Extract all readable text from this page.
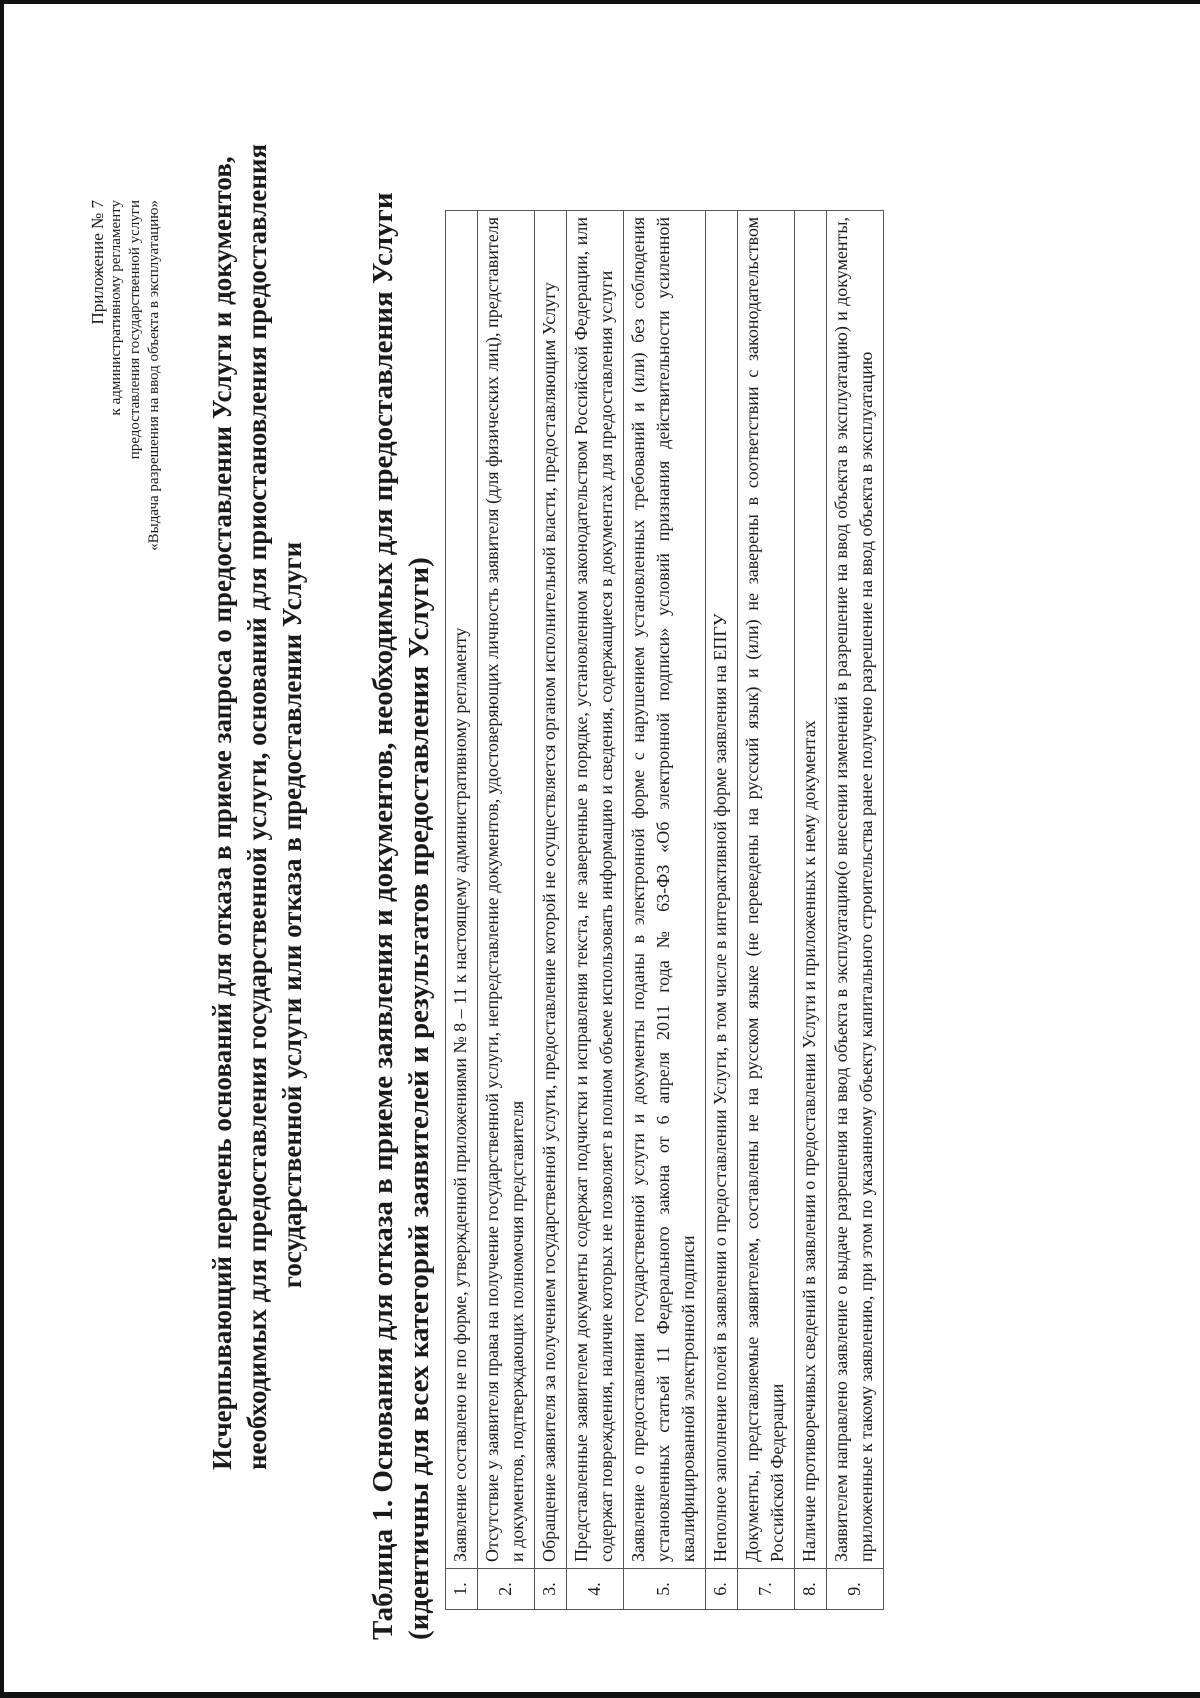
Приложение № 7 к административному регламенту предоставления государственной услуги «Выдача разрешения на ввод объекта в эксплуатацию» Исчерпывающий перечень оснований для отказа в приеме запроса о предоставлении Услуги и документов, необходимых для предоставления государственной услуги, оснований для приостановления предоставления государственной услуги или отказа в предоставлении Услуги Таблица 1. Основания для отказа в приеме заявления и документов, необходимых для предоставления Услуги (идентичны для всех категорий заявителей и результатов предоставления Услуги) 1.	Заявление составлено не по форме, утвержденной приложениями № 8 – 11 к настоящему административному регламенту
2.	Отсутствие у заявителя права на получение государственной услуги, непредставление документов, удостоверяющих личность заявителя (для физических лиц), представителя и документов, подтверждающих полномочия представителя
3.	Обращение заявителя за получением государственной услуги, предоставление которой не осуществляется органом исполнительной власти, предоставляющим Услугу
4.	Представленные заявителем документы содержат подчистки и исправления текста, не заверенные в порядке, установленном законодательством Российской Федерации, или содержат повреждения, наличие которых не позволяет в полном объеме использовать информацию и сведения, содержащиеся в документах для предоставления услуги
5.	Заявление о предоставлении государственной услуги и документы поданы в электронной форме с нарушением установленных требований и (или) без соблюдения установленных статьей 11 Федерального закона от 6 апреля 2011 года № 63-ФЗ «Об электронной подписи» условий признания действительности усиленной квалифицированной электронной подписи
6.	Неполное заполнение полей в заявлении о предоставлении Услуги, в том числе в интерактивной форме заявления на ЕПГУ
7.	Документы, представляемые заявителем, составлены не на русском языке (не переведены на русский язык) и (или) не заверены в соответствии с законодательством Российской Федерации
8.	Наличие противоречивых сведений в заявлении о предоставлении Услуги и приложенных к нему документах
9.	Заявителем направлено заявление о выдаче разрешения на ввод объекта в эксплуатацию(о внесении изменений в разрешение на ввод объекта в эксплуатацию) и документы, приложенные к такому заявлению, при этом по указанному объекту капитального строительства ранее получено разрешение на ввод объекта в эксплуатацию
